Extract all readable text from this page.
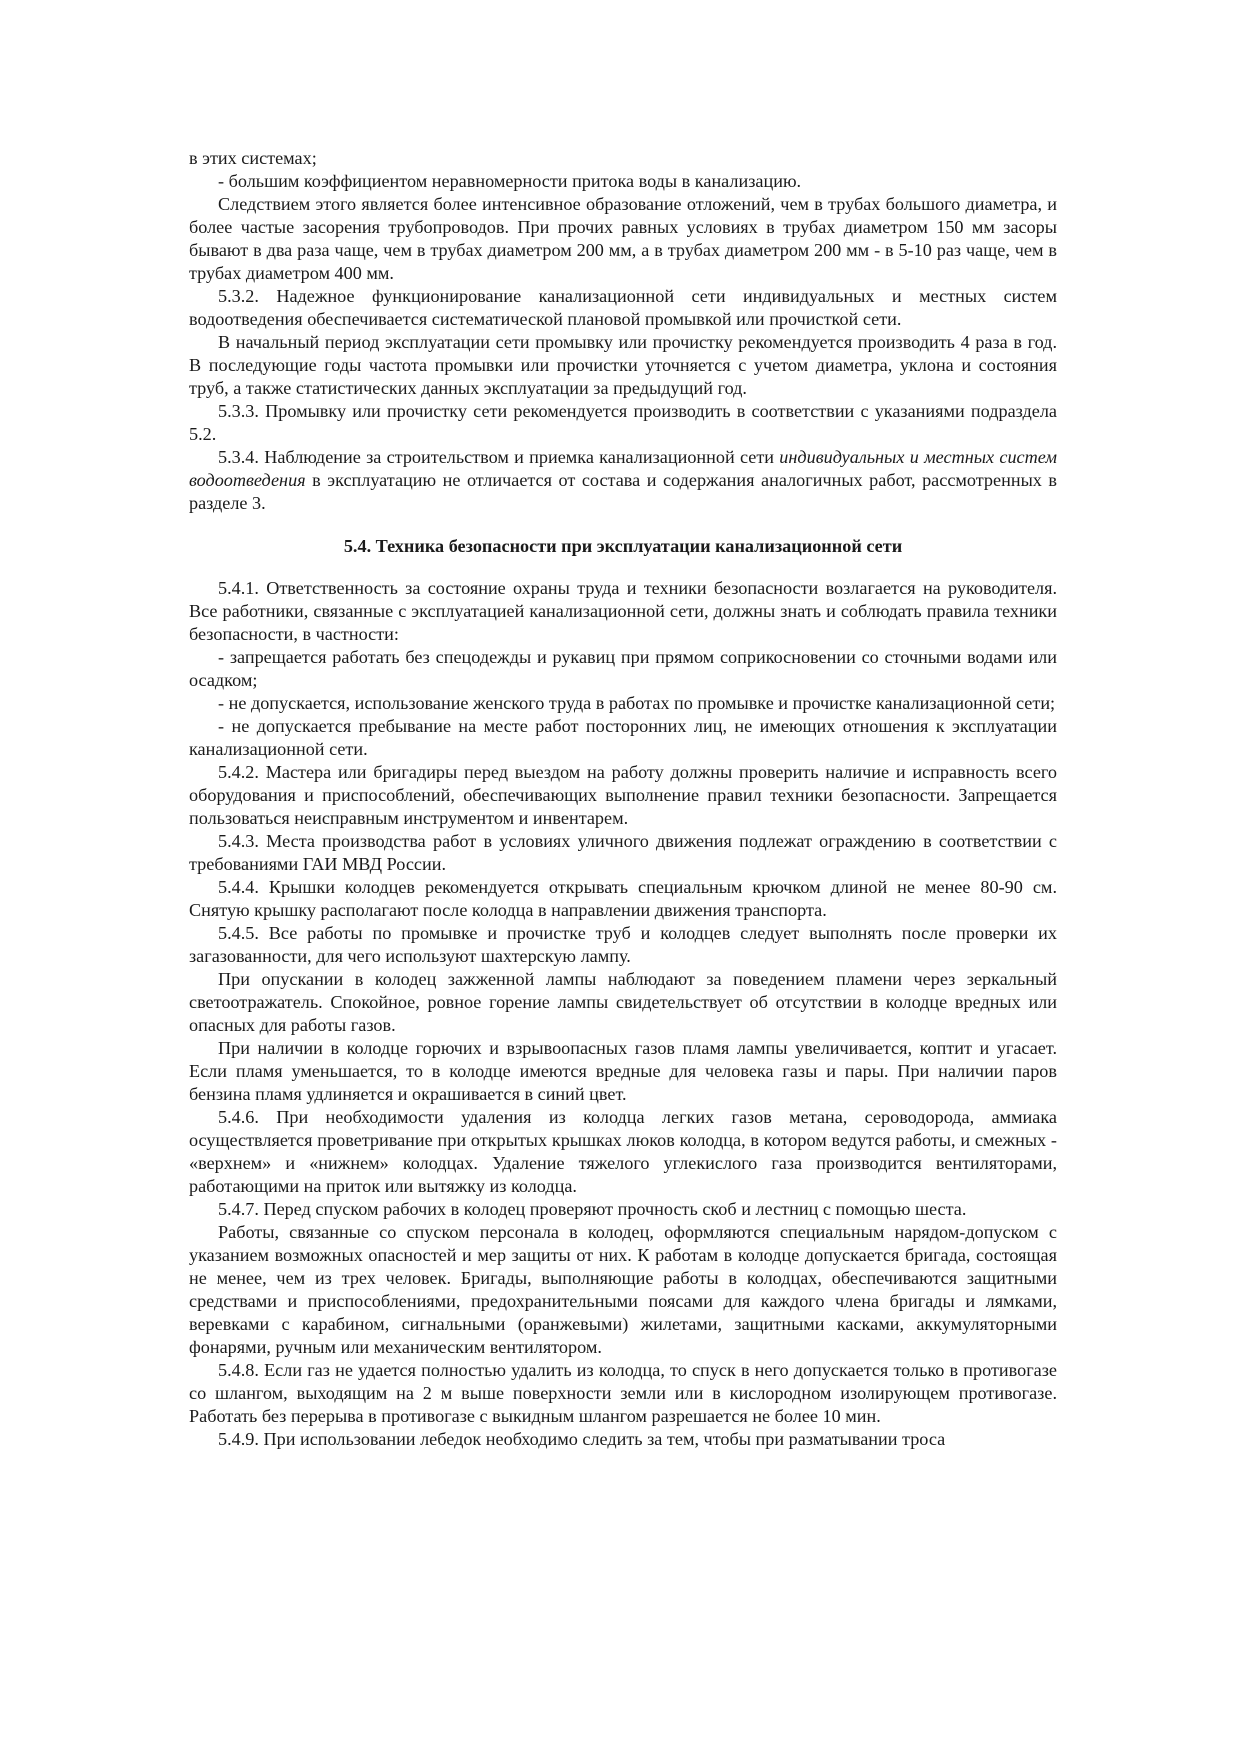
в этих системах;

- большим коэффициентом неравномерности притока воды в канализацию.

Следствием этого является более интенсивное образование отложений, чем в трубах большого диаметра, и более частые засорения трубопроводов. При прочих равных условиях в трубах диаметром 150 мм засоры бывают в два раза чаще, чем в трубах диаметром 200 мм, а в трубах диаметром 200 мм - в 5-10 раз чаще, чем в трубах диаметром 400 мм.

5.3.2. Надежное функционирование канализационной сети индивидуальных и местных систем водоотведения обеспечивается систематической плановой промывкой или прочисткой сети.

В начальный период эксплуатации сети промывку или прочистку рекомендуется производить 4 раза в год. В последующие годы частота промывки или прочистки уточняется с учетом диаметра, уклона и состояния труб, а также статистических данных эксплуатации за предыдущий год.

5.3.3. Промывку или прочистку сети рекомендуется производить в соответствии с указаниями подраздела 5.2.

5.3.4. Наблюдение за строительством и приемка канализационной сети индивидуальных и местных систем водоотведения в эксплуатацию не отличается от состава и содержания аналогичных работ, рассмотренных в разделе 3.

5.4. Техника безопасности при эксплуатации канализационной сети

5.4.1. Ответственность за состояние охраны труда и техники безопасности возлагается на руководителя. Все работники, связанные с эксплуатацией канализационной сети, должны знать и соблюдать правила техники безопасности, в частности:

- запрещается работать без спецодежды и рукавиц при прямом соприкосновении со сточными водами или осадком;

- не допускается, использование женского труда в работах по промывке и прочистке канализационной сети;

- не допускается пребывание на месте работ посторонних лиц, не имеющих отношения к эксплуатации канализационной сети.

5.4.2. Мастера или бригадиры перед выездом на работу должны проверить наличие и исправность всего оборудования и приспособлений, обеспечивающих выполнение правил техники безопасности. Запрещается пользоваться неисправным инструментом и инвентарем.

5.4.3. Места производства работ в условиях уличного движения подлежат ограждению в соответствии с требованиями ГАИ МВД России.

5.4.4. Крышки колодцев рекомендуется открывать специальным крючком длиной не менее 80-90 см. Снятую крышку располагают после колодца в направлении движения транспорта.

5.4.5. Все работы по промывке и прочистке труб и колодцев следует выполнять после проверки их загазованности, для чего используют шахтерскую лампу.

При опускании в колодец зажженной лампы наблюдают за поведением пламени через зеркальный светоотражатель. Спокойное, ровное горение лампы свидетельствует об отсутствии в колодце вредных или опасных для работы газов.

При наличии в колодце горючих и взрывоопасных газов пламя лампы увеличивается, коптит и угасает. Если пламя уменьшается, то в колодце имеются вредные для человека газы и пары. При наличии паров бензина пламя удлиняется и окрашивается в синий цвет.

5.4.6. При необходимости удаления из колодца легких газов метана, сероводорода, аммиака осуществляется проветривание при открытых крышках люков колодца, в котором ведутся работы, и смежных - «верхнем» и «нижнем» колодцах. Удаление тяжелого углекислого газа производится вентиляторами, работающими на приток или вытяжку из колодца.

5.4.7. Перед спуском рабочих в колодец проверяют прочность скоб и лестниц с помощью шеста.

Работы, связанные со спуском персонала в колодец, оформляются специальным нарядом-допуском с указанием возможных опасностей и мер защиты от них. К работам в колодце допускается бригада, состоящая не менее, чем из трех человек. Бригады, выполняющие работы в колодцах, обеспечиваются защитными средствами и приспособлениями, предохранительными поясами для каждого члена бригады и лямками, веревками с карабином, сигнальными (оранжевыми) жилетами, защитными касками, аккумуляторными фонарями, ручным или механическим вентилятором.

5.4.8. Если газ не удается полностью удалить из колодца, то спуск в него допускается только в противогазе со шлангом, выходящим на 2 м выше поверхности земли или в кислородном изолирующем противогазе. Работать без перерыва в противогазе с выкидным шлангом разрешается не более 10 мин.

5.4.9. При использовании лебедок необходимо следить за тем, чтобы при разматывании троса
